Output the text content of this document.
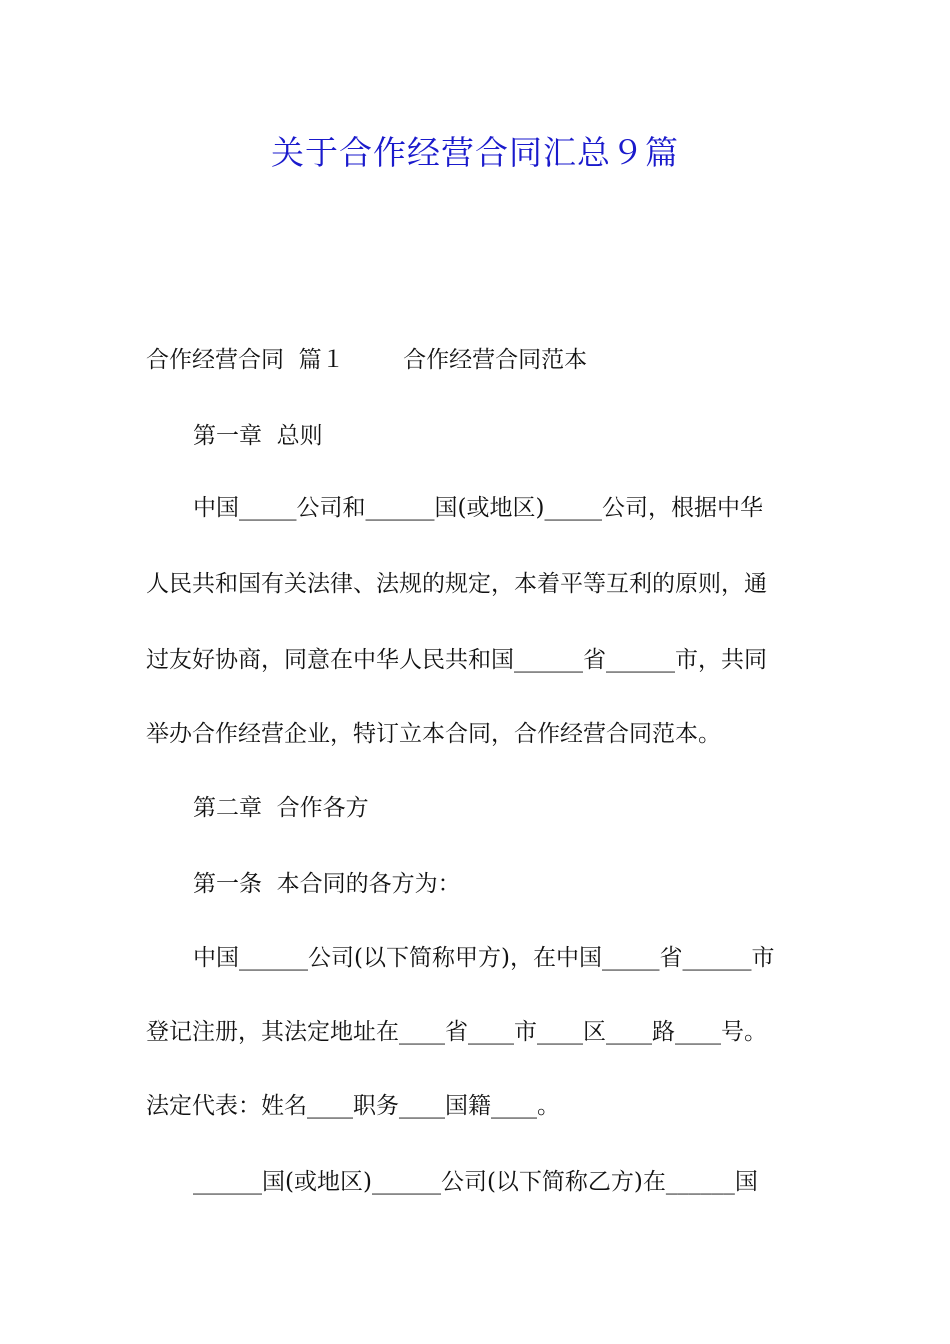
关于合作经营合同汇总９篇
合作经营合同  篇１        合作经营合同范本
第一章  总则
中国_____公司和______国(或地区)_____公司，根据中华
人民共和国有关法律、法规的规定，本着平等互利的原则，通
过友好协商，同意在中华人民共和国______省______市，共同
举办合作经营企业，特订立本合同，合作经营合同范本。
第二章  合作各方
第一条  本合同的各方为：
中国______公司(以下简称甲方)，在中国_____省______市
登记注册，其法定地址在____省____市____区____路____号。
法定代表：姓名____职务____国籍____。
______国(或地区)______公司(以下简称乙方)在______国
